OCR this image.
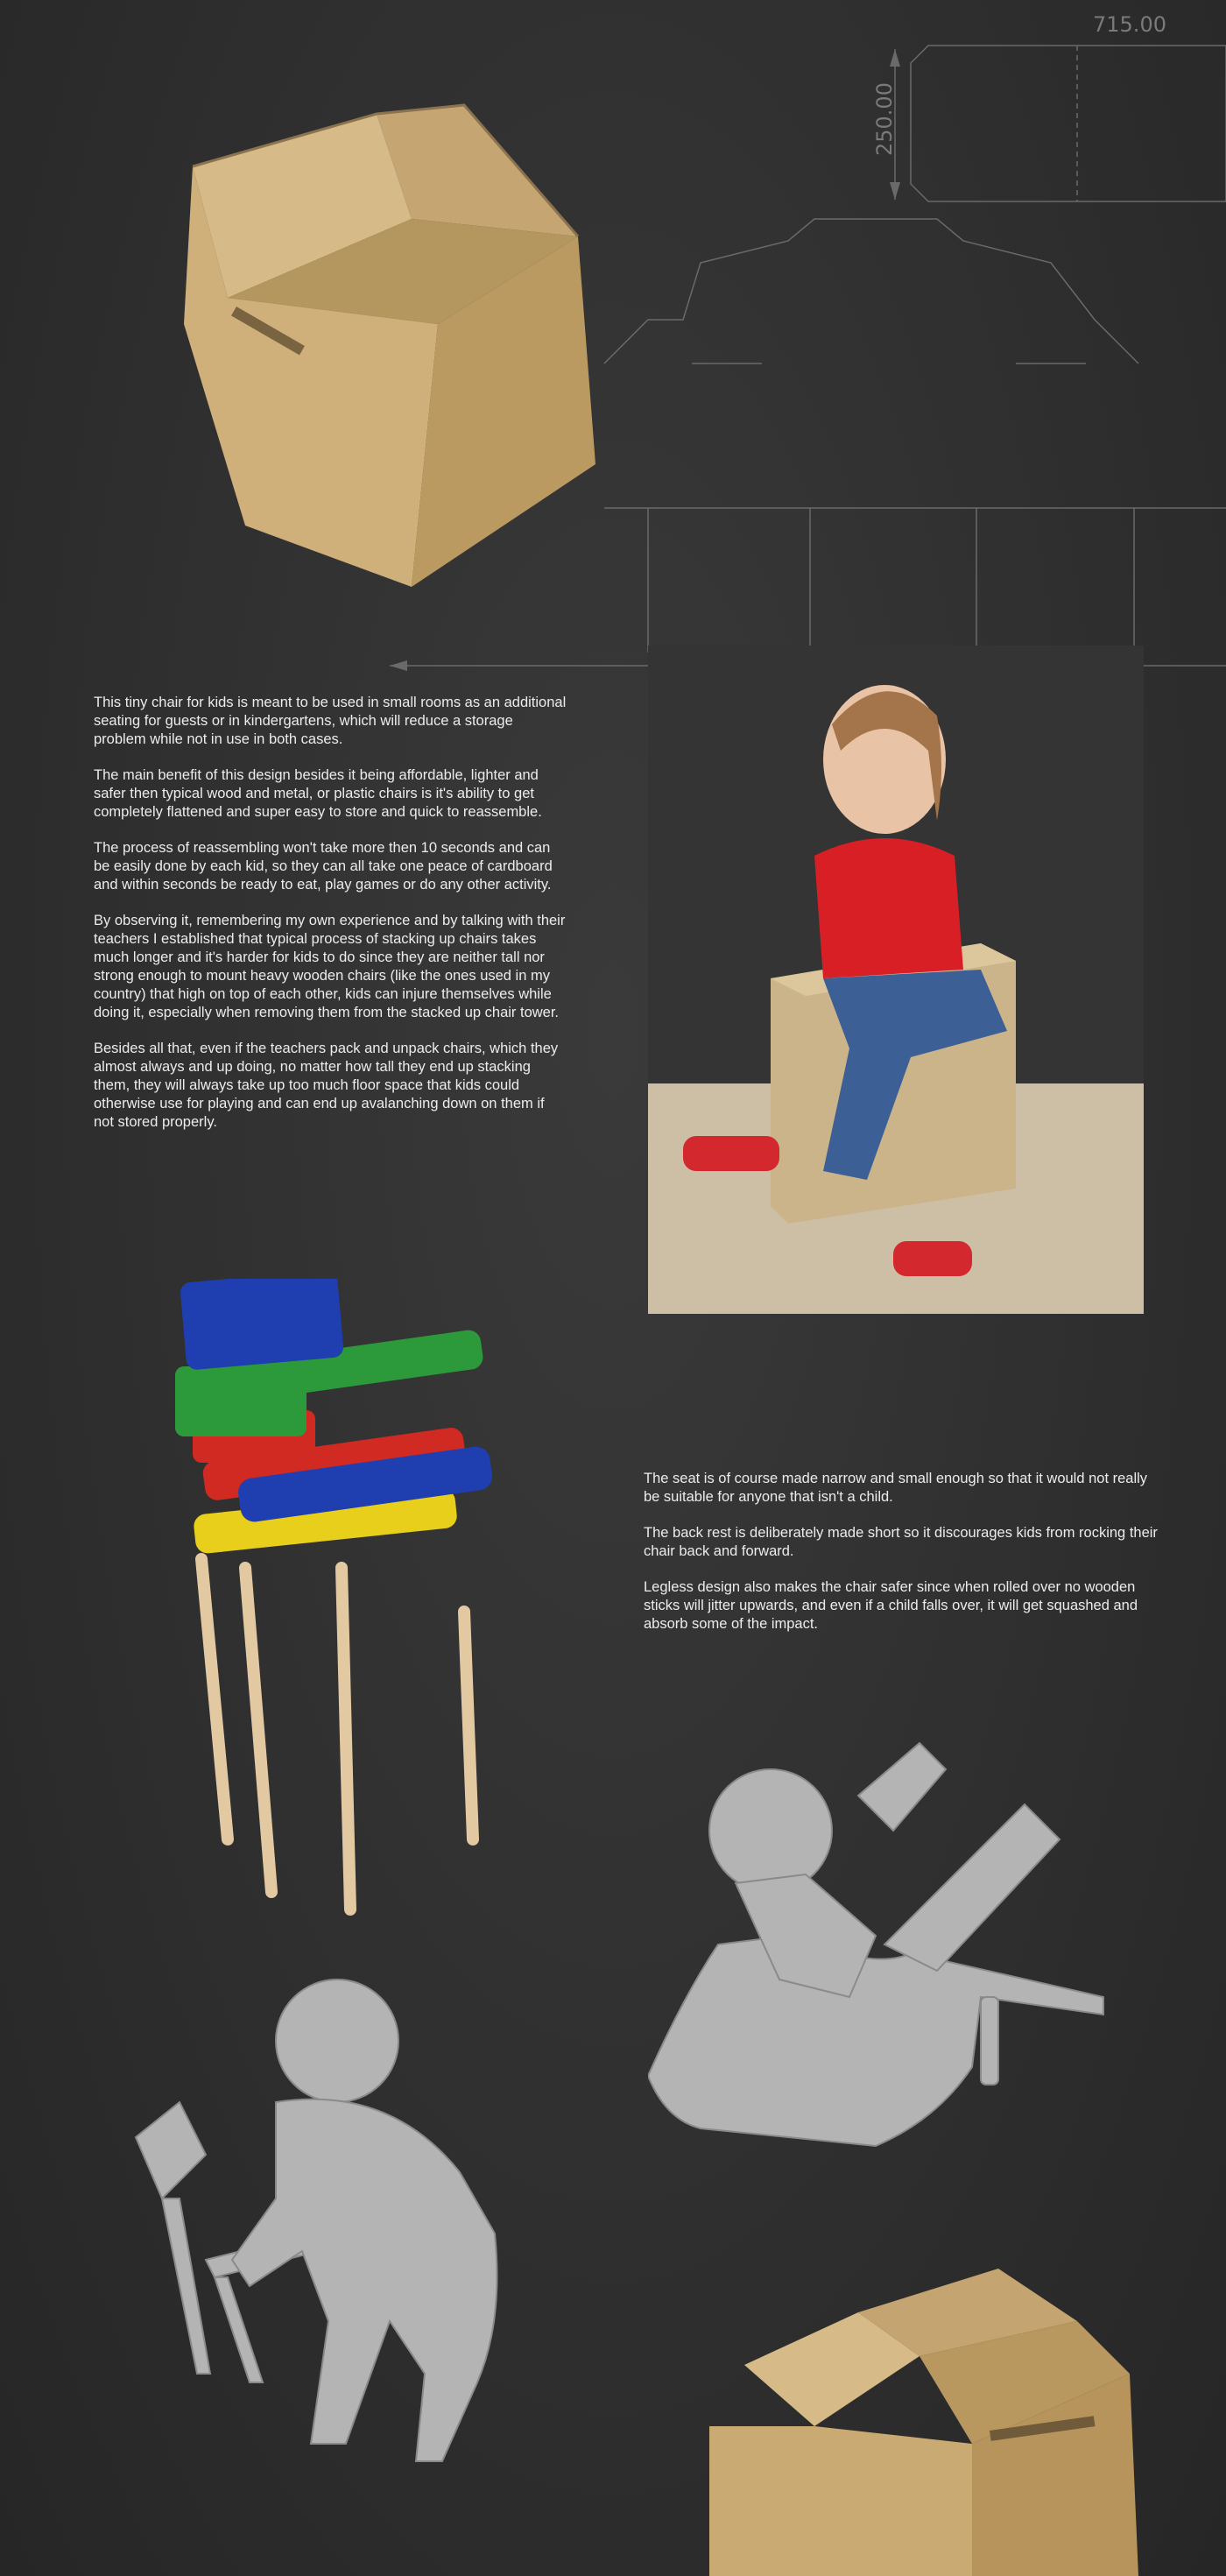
715.00
250.00

This tiny chair for kids is meant to be used in small rooms as an additional seating for guests or in kindergartens, which will reduce a storage problem while not in use in both cases.

The main benefit of this design besides it being affordable, lighter and safer then typical wood and metal, or plastic chairs is it's ability to get completely flattened and super easy to store and quick to reassemble.

The process of reassembling won't take more then 10 seconds and can be easily done by each kid, so they can all take one peace of cardboard and within seconds be ready to eat, play games or do any other activity.

By observing it, remembering my own experience and by talking with their teachers I established that typical process of stacking up chairs takes much longer and it's harder for kids to do since they are neither tall nor strong enough to mount heavy wooden chairs (like the ones used in my country) that high on top of each other, kids can injure themselves while doing it, especially when removing them from the stacked up chair tower.

Besides all that, even if the teachers pack and unpack chairs, which they almost always and up doing, no matter how tall they end up stacking them, they will always take up too much floor space that kids could otherwise use for playing and can end up avalanching down on them if not stored properly.

The seat is of course made narrow and small enough so that it would not really be suitable for anyone that isn't a child.

The back rest is deliberately made short so it discourages kids from rocking their chair back and forward.

Legless design also makes the chair safer since when rolled over no wooden sticks will jitter upwards, and even if a child falls over, it will get squashed and absorb some of the impact.
